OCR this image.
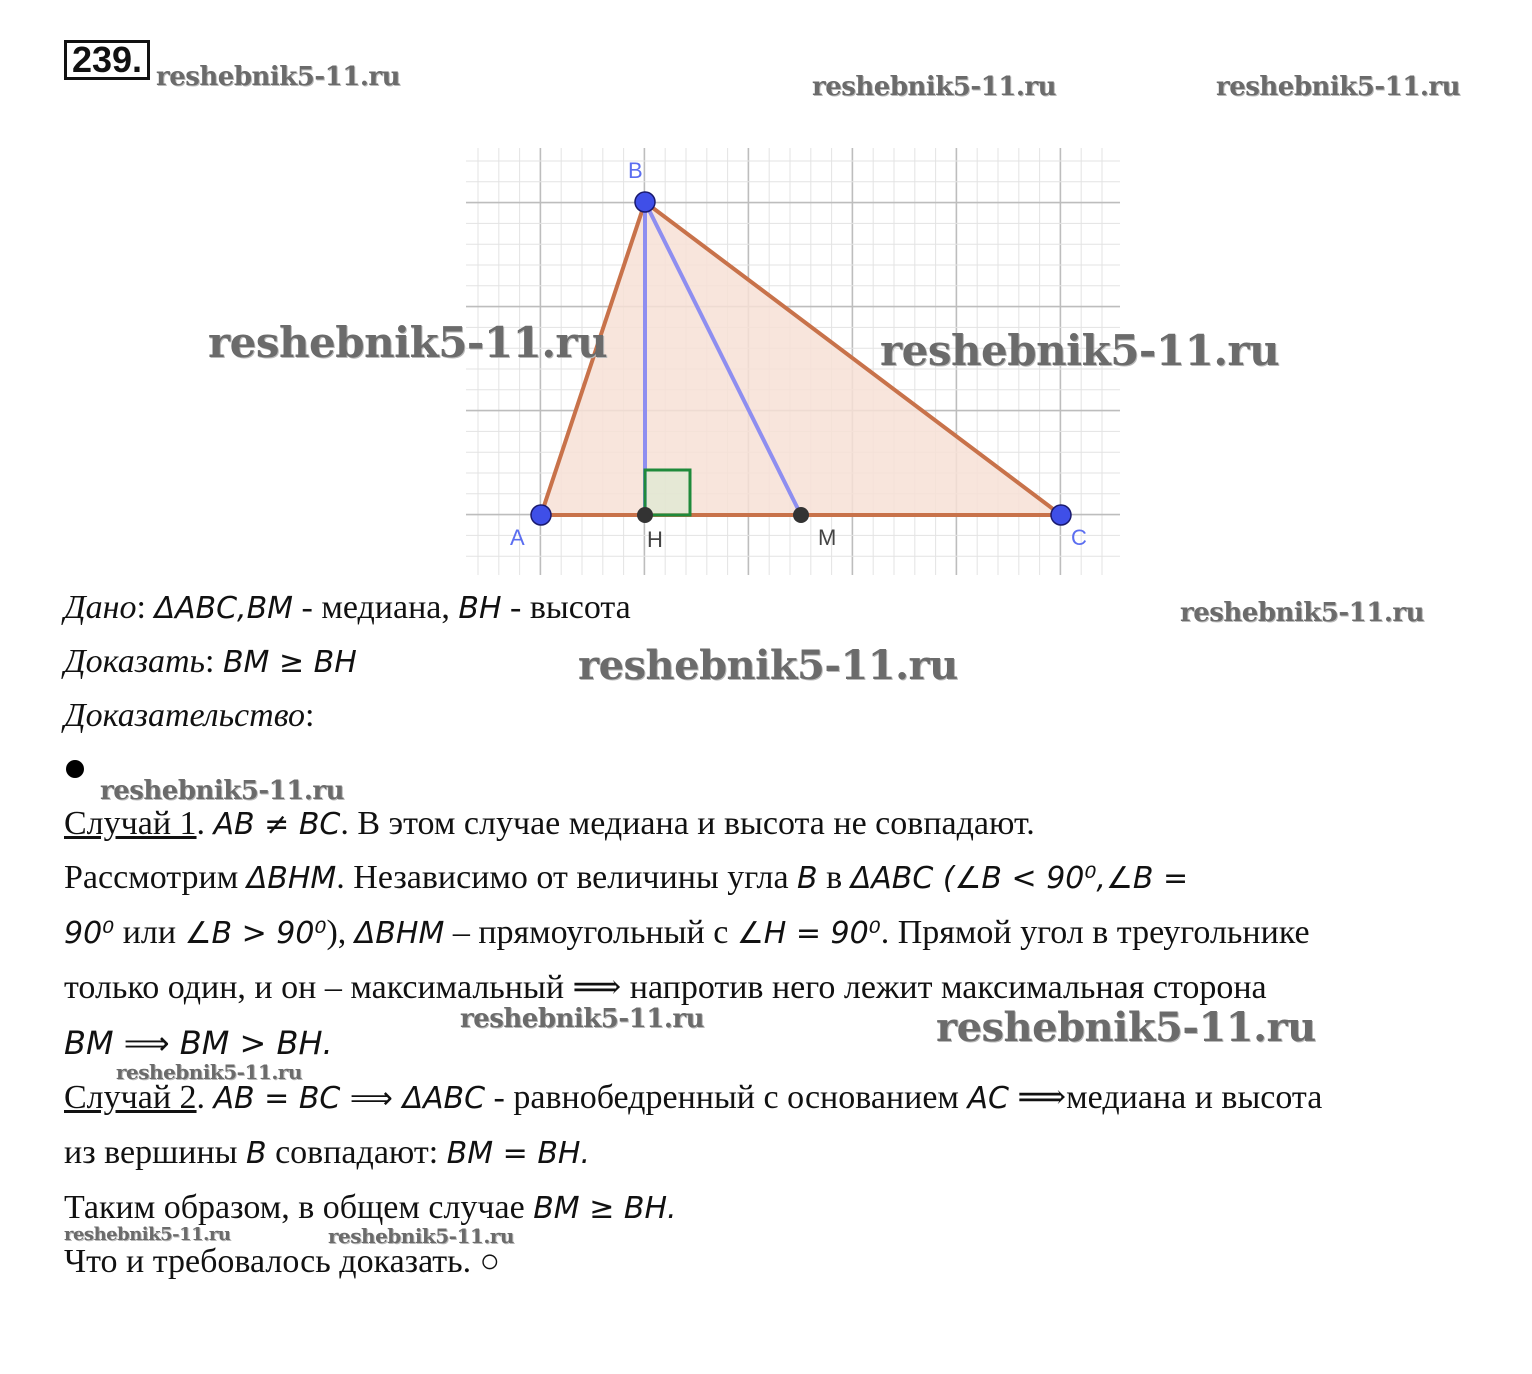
239. reshebnik5-11.ru	reshebnik5-11.ru	reshebnik5-11.ru
A
B
C
H	M
reshebnik5-11.ru	reshebnik5-11.ru
Дано: ΔABC,BM - медиана, BH - высота	reshebnik5-11.ru
Доказать: BM ≥ BH	reshebnik5-11.ru
Доказательство:
reshebnik5-11.ru
Случай 1. AB ≠ BC. В этом случае медиана и высота не совпадают.
Рассмотрим ΔBHM. Независимо от величины угла B в ΔABC (∠B < 90⁰,∠B =
90⁰ или ∠B > 90⁰), ΔBHM – прямоугольный с ∠H = 90⁰. Прямой угол в треугольнике
только один, и он – максимальный ⟹ напротив него лежит максимальная сторона
BM ⟹ BM > BH.
reshebnik5-11.ru	reshebnik5-11.ru
reshebnik5-11.ru
Случай 2. AB = BC ⟹ ΔABC - равнобедренный с основанием AC ⟹медиана и высота
из вершины B совпадают: BM = BH.
Таким образом, в общем случае BM ≥ BH.
reshebnik5-11.ru	reshebnik5-11.ru
Что и требовалось доказать. ○
